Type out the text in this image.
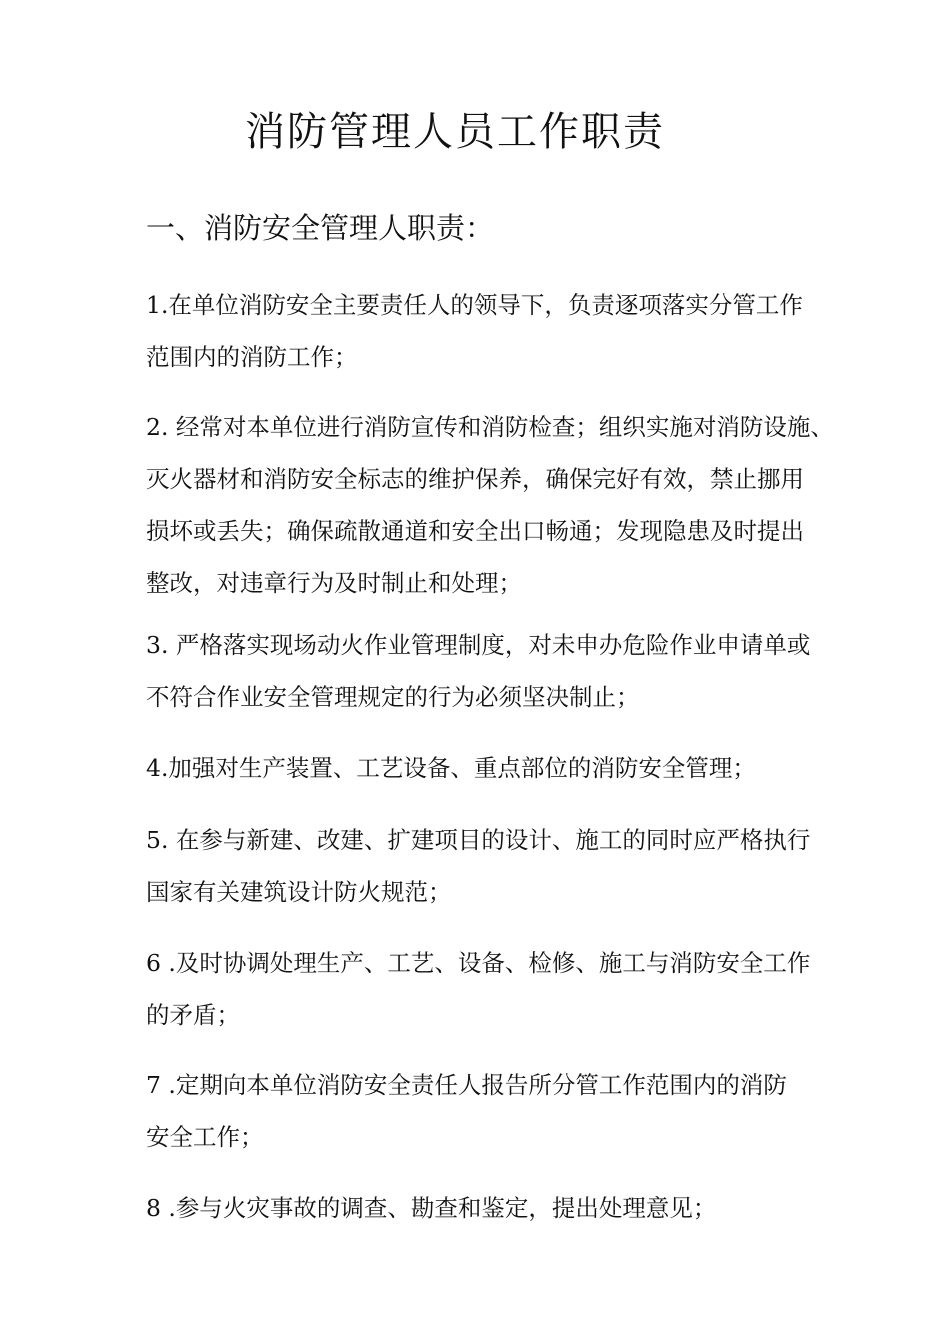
消防管理人员工作职责
一、消防安全管理人职责：

1.在单位消防安全主要责任人的领导下，负责逐项落实分管工作
范围内的消防工作；

2. 经常对本单位进行消防宣传和消防检查；组织实施对消防设施、
灭火器材和消防安全标志的维护保养，确保完好有效，禁止挪用
损坏或丢失；确保疏散通道和安全出口畅通；发现隐患及时提出
整改，对违章行为及时制止和处理；

3. 严格落实现场动火作业管理制度，对未申办危险作业申请单或
不符合作业安全管理规定的行为必须坚决制止；

4.加强对生产装置、工艺设备、重点部位的消防安全管理；

5. 在参与新建、改建、扩建项目的设计、施工的同时应严格执行
国家有关建筑设计防火规范；

6 .及时协调处理生产、工艺、设备、检修、施工与消防安全工作
的矛盾；

7 .定期向本单位消防安全责任人报告所分管工作范围内的消防
安全工作；

8 .参与火灾事故的调查、勘查和鉴定，提出处理意见；
